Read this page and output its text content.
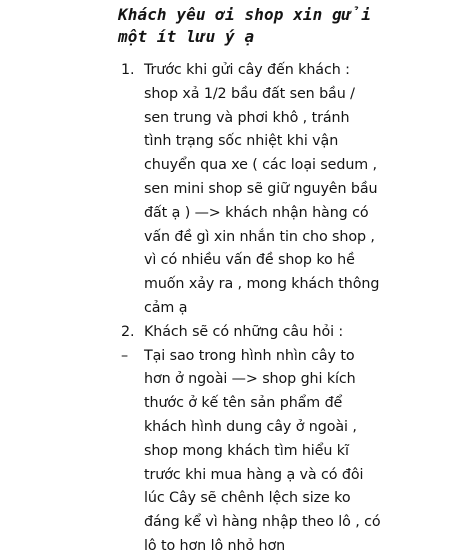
Khách yêu ơi shop xin gửi
một ít lưu ý ạ
1. Trước khi gửi cây đến khách :
shop xả 1/2 bầu đất sen bầu /
sen trung và phơi khô , tránh
tình trạng sốc nhiệt khi vận
chuyển qua xe ( các loại sedum ,
sen mini shop sẽ giữ nguyên bầu
đất ạ ) —> khách nhận hàng có
vấn đề gì xin nhắn tin cho shop ,
vì có nhiều vấn đề shop ko hề
muốn xảy ra , mong khách thông
cảm ạ
2. Khách sẽ có những câu hỏi :
– Tại sao trong hình nhìn cây to
hơn ở ngoài —> shop ghi kích
thước ở kế tên sản phẩm để
khách hình dung cây ở ngoài ,
shop mong khách tìm hiểu kĩ
trước khi mua hàng ạ và có đôi
lúc Cây sẽ chênh lệch size ko
đáng kể vì hàng nhập theo lô , có
lô to hơn lô nhỏ hơn
